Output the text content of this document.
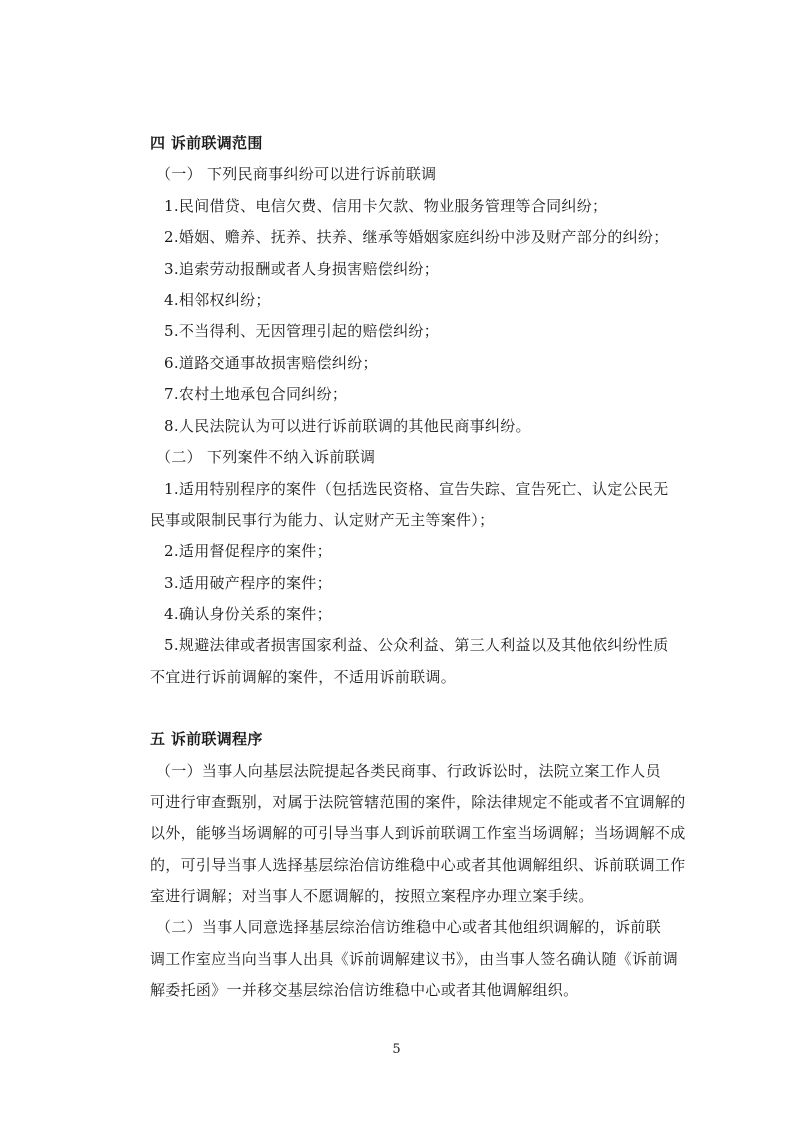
四 诉前联调范围
（一） 下列民商事纠纷可以进行诉前联调
1.民间借贷、电信欠费、信用卡欠款、物业服务管理等合同纠纷；
2.婚姻、赡养、抚养、扶养、继承等婚姻家庭纠纷中涉及财产部分的纠纷；
3.追索劳动报酬或者人身损害赔偿纠纷；
4.相邻权纠纷；
5.不当得利、无因管理引起的赔偿纠纷；
6.道路交通事故损害赔偿纠纷；
7.农村土地承包合同纠纷；
8.人民法院认为可以进行诉前联调的其他民商事纠纷。
（二） 下列案件不纳入诉前联调
1.适用特别程序的案件（包括选民资格、宣告失踪、宣告死亡、认定公民无
民事或限制民事行为能力、认定财产无主等案件）；
2.适用督促程序的案件；
3.适用破产程序的案件；
4.确认身份关系的案件；
5.规避法律或者损害国家利益、公众利益、第三人利益以及其他依纠纷性质
不宜进行诉前调解的案件，不适用诉前联调。
五 诉前联调程序
（一）当事人向基层法院提起各类民商事、行政诉讼时，法院立案工作人员
可进行审查甄别，对属于法院管辖范围的案件，除法律规定不能或者不宜调解的
以外，能够当场调解的可引导当事人到诉前联调工作室当场调解；当场调解不成
的，可引导当事人选择基层综治信访维稳中心或者其他调解组织、诉前联调工作
室进行调解；对当事人不愿调解的，按照立案程序办理立案手续。
（二）当事人同意选择基层综治信访维稳中心或者其他组织调解的，诉前联
调工作室应当向当事人出具《诉前调解建议书》，由当事人签名确认随《诉前调
解委托函》一并移交基层综治信访维稳中心或者其他调解组织。
5
